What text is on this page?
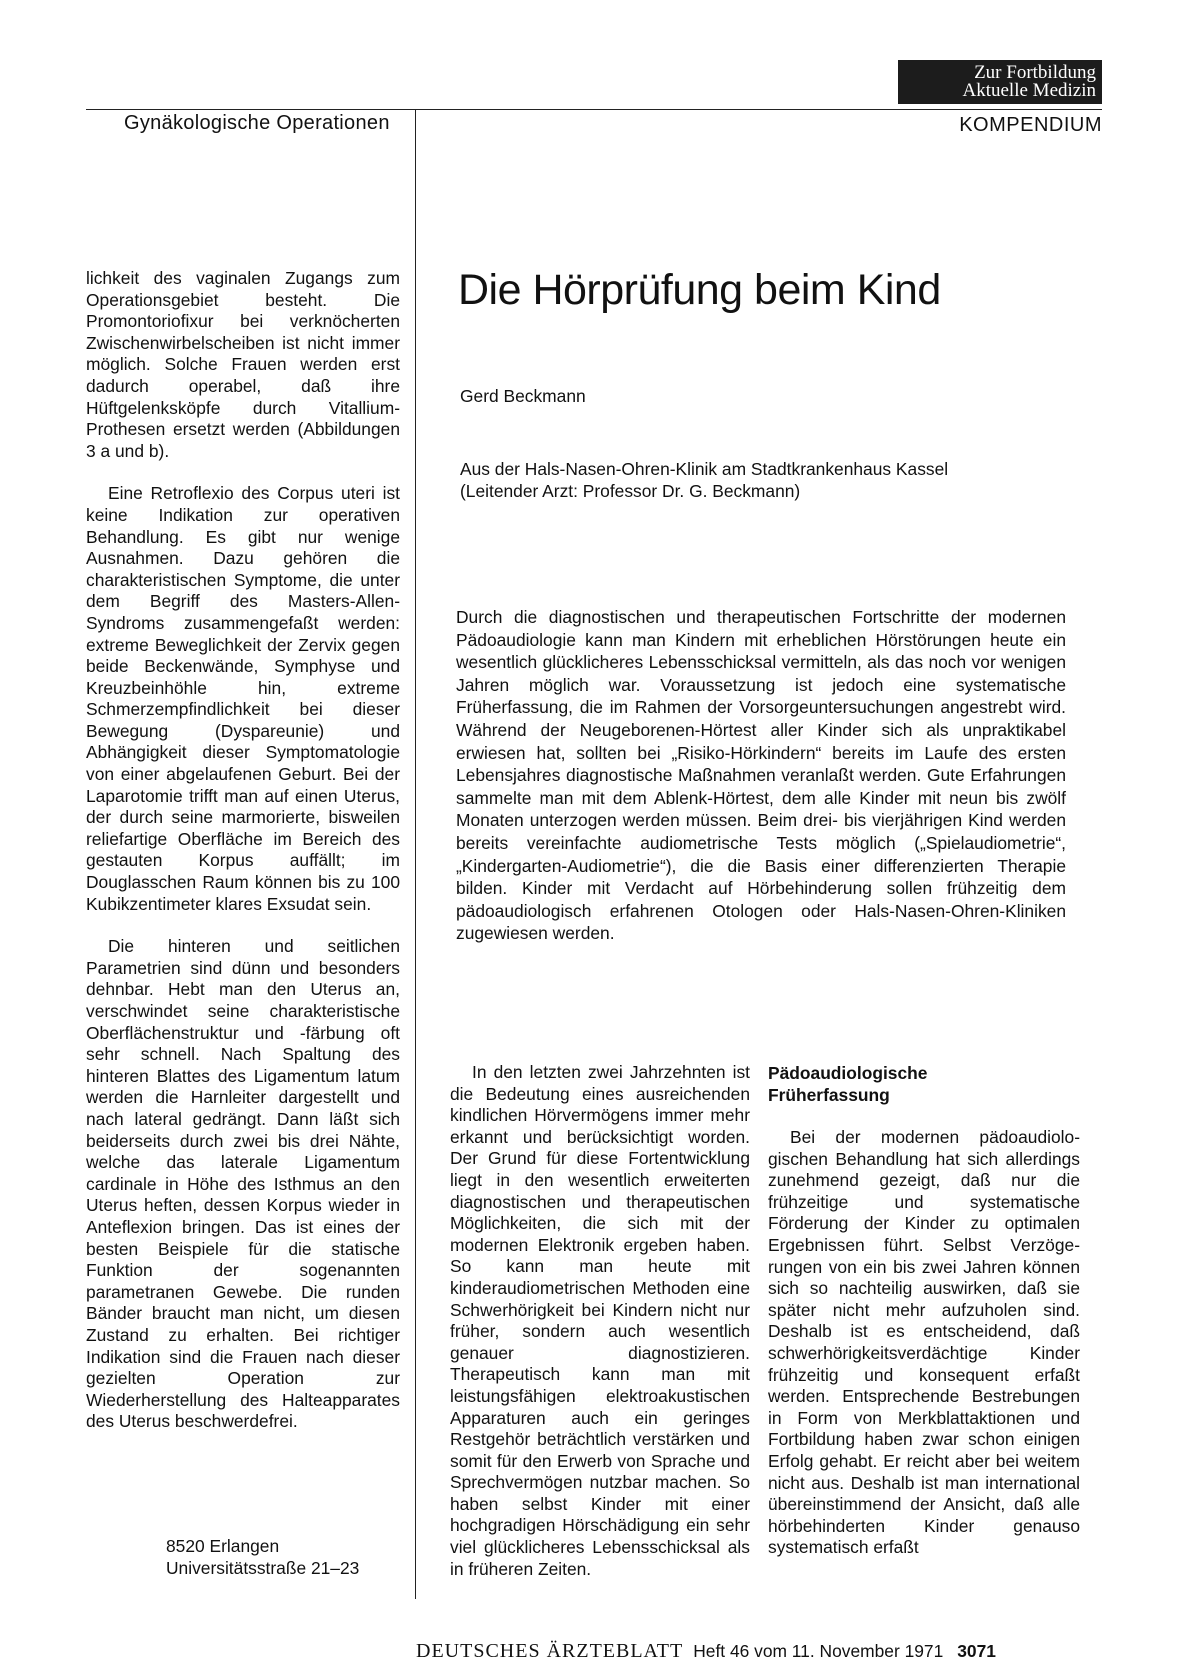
Zur Fortbildung
Aktuelle Medizin
Gynäkologische Operationen	KOMPENDIUM

lichkeit des vaginalen Zugangs zum Operationsgebiet besteht. Die Promontoriofixur bei verknöcherten Zwischenwirbelscheiben ist nicht immer möglich. Solche Frauen werden erst dadurch operabel, daß ihre Hüftgelenksköpfe durch Vitallium-Prothesen ersetzt werden (Abbildungen 3 a und b).

Eine Retroflexio des Corpus uteri ist keine Indikation zur operativen Behandlung. Es gibt nur wenige Ausnahmen. Dazu gehören die charakteristischen Symptome, die unter dem Begriff des Masters-Allen-Syndroms zusammengefaßt werden: extreme Beweglichkeit der Zervix gegen beide Beckenwände, Symphyse und Kreuzbeinhöhle hin, extreme Schmerzempfindlichkeit bei dieser Bewegung (Dyspareunie) und Abhängigkeit dieser Symptomatologie von einer abgelaufenen Geburt. Bei der Laparotomie trifft man auf einen Uterus, der durch seine marmorierte, bisweilen reliefartige Oberfläche im Bereich des gestauten Korpus auffällt; im Douglasschen Raum können bis zu 100 Kubikzentimeter klares Exsudat sein.

Die hinteren und seitlichen Parametrien sind dünn und besonders dehnbar. Hebt man den Uterus an, verschwindet seine charakteristische Oberflächenstruktur und -färbung oft sehr schnell. Nach Spaltung des hinteren Blattes des Ligamentum latum werden die Harnleiter dargestellt und nach lateral gedrängt. Dann läßt sich beiderseits durch zwei bis drei Nähte, welche das laterale Ligamentum cardinale in Höhe des Isthmus an den Uterus heften, dessen Korpus wieder in Anteflexion bringen. Das ist eines der besten Beispiele für die statische Funktion der sogenannten parametranen Gewebe. Die runden Bänder braucht man nicht, um diesen Zustand zu erhalten. Bei richtiger Indikation sind die Frauen nach dieser gezielten Operation zur Wiederherstellung des Halteapparates des Uterus beschwerdefrei.

8520 Erlangen
Universitätsstraße 21–23
Die Hörprüfung beim Kind
Gerd Beckmann
Aus der Hals-Nasen-Ohren-Klinik am Stadtkrankenhaus Kassel
(Leitender Arzt: Professor Dr. G. Beckmann)

Durch die diagnostischen und therapeutischen Fortschritte der modernen Pädoaudiologie kann man Kindern mit erheblichen Hörstörungen heute ein wesentlich glücklicheres Lebensschicksal vermitteln, als das noch vor wenigen Jahren möglich war. Voraussetzung ist jedoch eine systematische Früherfassung, die im Rahmen der Vorsorgeuntersuchungen angestrebt wird. Während der Neugeborenen-Hörtest aller Kinder sich als unpraktikabel erwiesen hat, sollten bei „Risiko-Hörkindern“ bereits im Laufe des ersten Lebensjahres diagnostische Maßnahmen veranlaßt werden. Gute Erfahrungen sammelte man mit dem Ablenk-Hörtest, dem alle Kinder mit neun bis zwölf Monaten unterzogen werden müssen. Beim drei- bis vierjährigen Kind werden bereits vereinfachte audiometrische Tests möglich („Spielaudiometrie“, „Kindergarten-Audiometrie“), die die Basis einer differenzierten Therapie bilden. Kinder mit Verdacht auf Hörbehinderung sollen frühzeitig dem pädoaudiologisch erfahrenen Otologen oder Hals-Nasen-Ohren-Kliniken zugewiesen werden.

In den letzten zwei Jahrzehnten ist die Bedeutung eines ausreichenden kindlichen Hörvermögens immer mehr erkannt und berücksichtigt worden. Der Grund für diese Fortentwicklung liegt in den wesentlich erweiterten diagnostischen und therapeutischen Möglichkeiten, die sich mit der modernen Elektronik ergeben haben. So kann man heute mit kinderaudiometrischen Methoden eine Schwerhörigkeit bei Kindern nicht nur früher, sondern auch wesentlich genauer diagnostizieren. Therapeutisch kann man mit leistungsfähigen elektroakustischen Apparaturen auch ein geringes Restgehör beträchtlich verstärken und somit für den Erwerb von Sprache und Sprechvermögen nutzbar machen. So haben selbst Kinder mit einer hochgradigen Hörschädigung ein sehr viel glücklicheres Lebensschicksal als in früheren Zeiten.

Pädoaudiologische
Früherfassung

Bei der modernen pädoaudiologischen Behandlung hat sich allerdings zunehmend gezeigt, daß nur die frühzeitige und systematische Förderung der Kinder zu optimalen Ergebnissen führt. Selbst Verzögerungen von ein bis zwei Jahren können sich so nachteilig auswirken, daß sie später nicht mehr aufzuholen sind. Deshalb ist es entscheidend, daß schwerhörigkeitsverdächtige Kinder frühzeitig und konsequent erfaßt werden. Entsprechende Bestrebungen in Form von Merkblattaktionen und Fortbildung haben zwar schon einigen Erfolg gehabt. Er reicht aber bei weitem nicht aus. Deshalb ist man international übereinstimmend der Ansicht, daß alle hörbehinderten Kinder genauso systematisch erfaßt

DEUTSCHES ÄRZTEBLATT Heft 46 vom 11. November 1971 3071
